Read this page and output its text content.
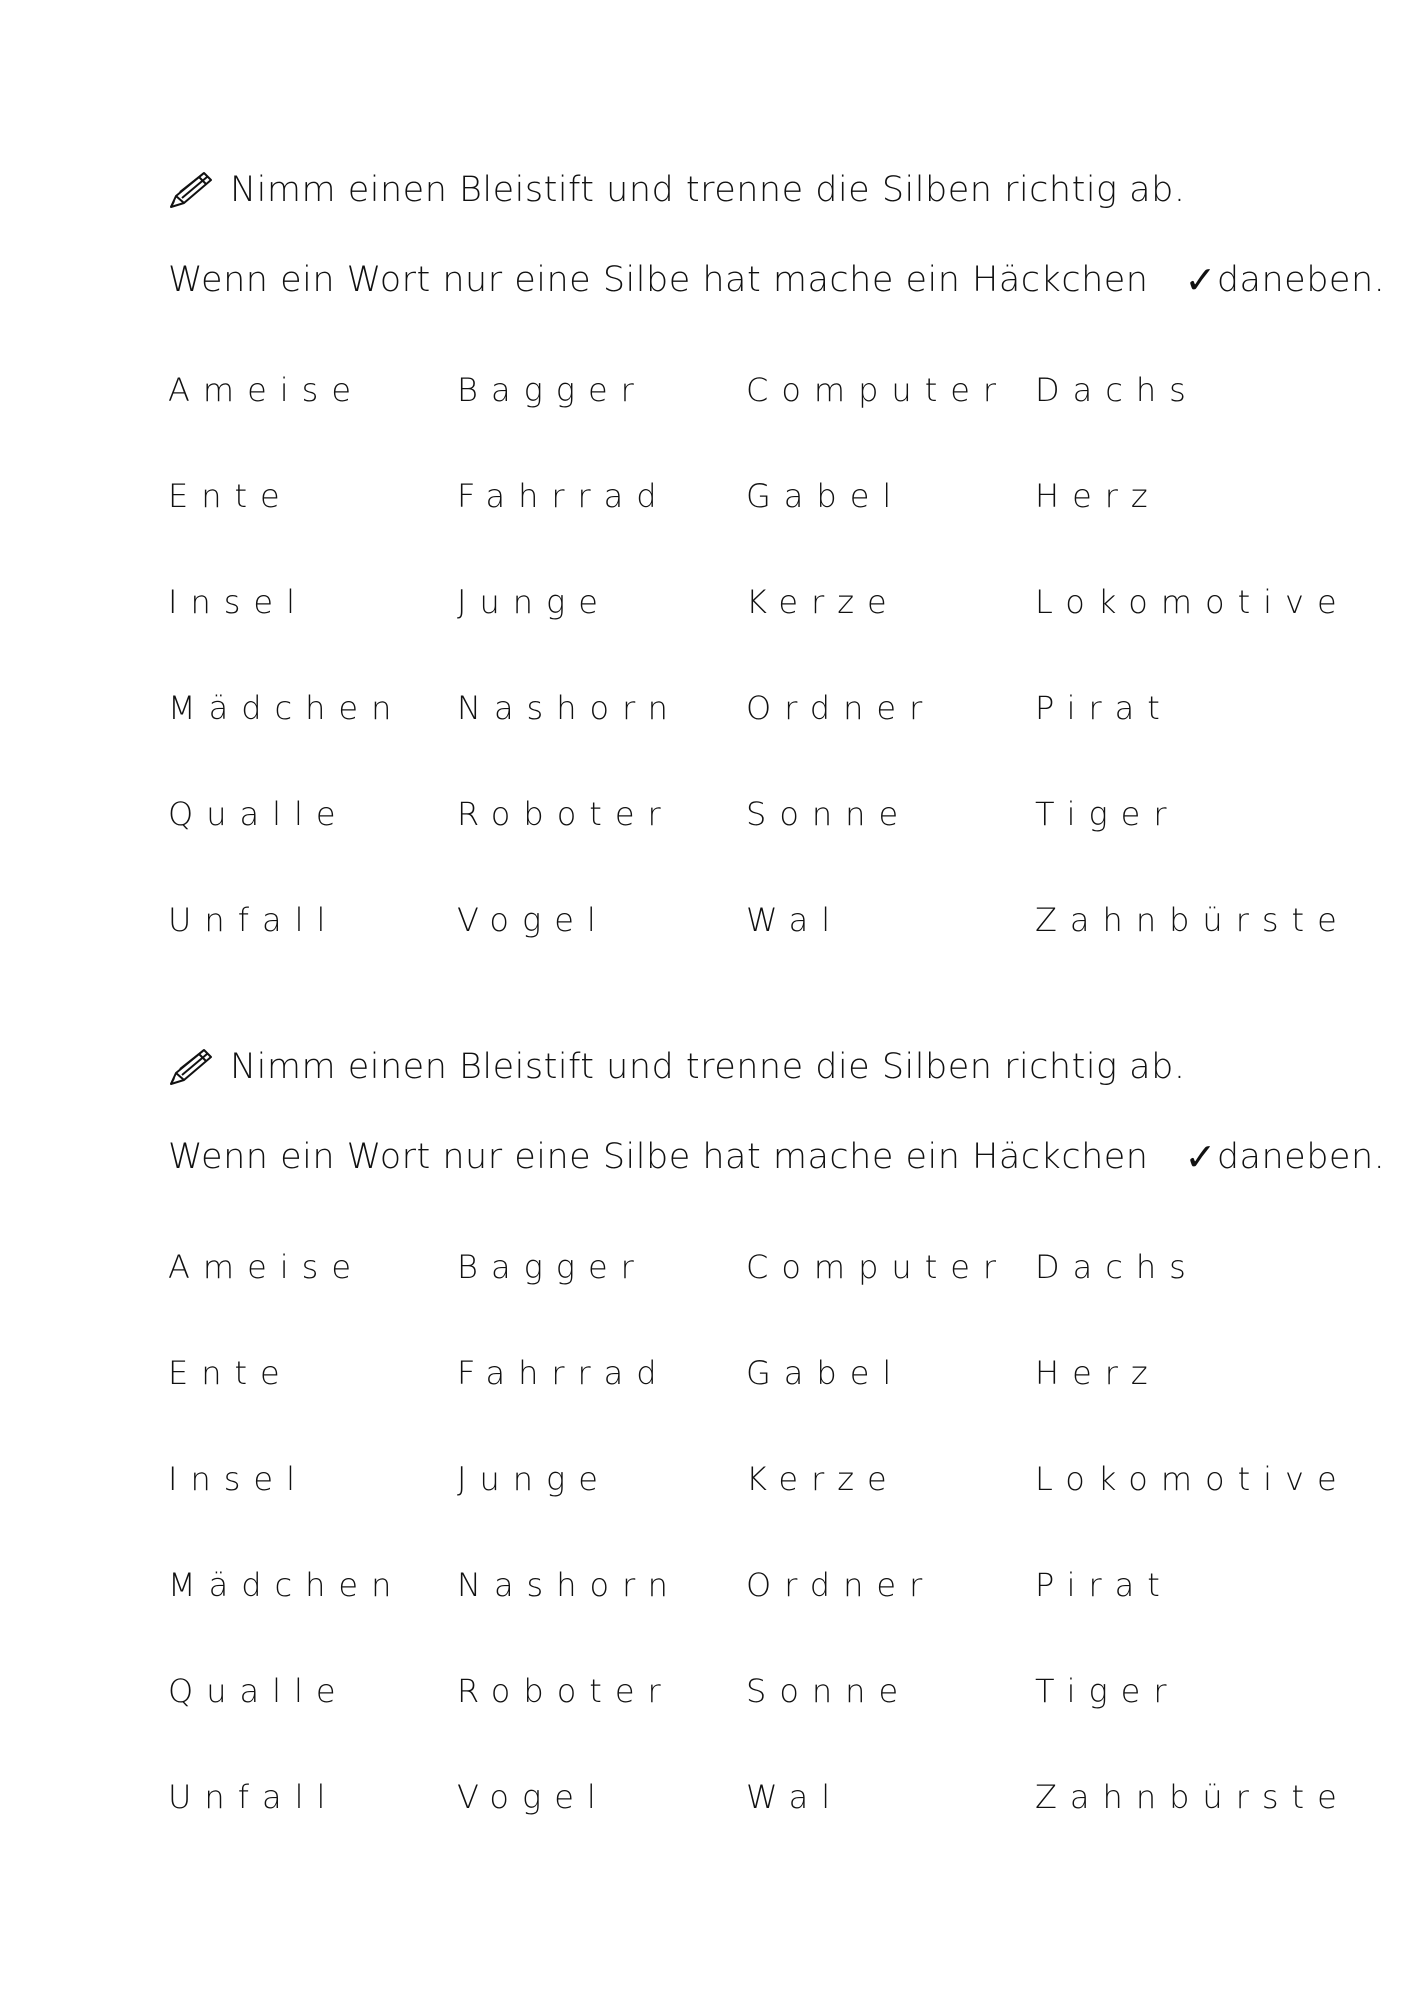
Nimm einen Bleistift und trenne die Silben richtig ab.
Wenn ein Wort nur eine Silbe hat mache ein Häckchen ✓ daneben.
Ameise	Bagger	Computer Dachs
Ente	Fahrrad	Gabel	Herz
Insel	Junge	Kerze	Lokomotive
Mädchen	Nashorn	Ordner	Pirat
Qualle	Roboter	Sonne	Tiger
Unfall	Vogel	Wal	Zahnbürste
Nimm einen Bleistift und trenne die Silben richtig ab.
Wenn ein Wort nur eine Silbe hat mache ein Häckchen ✓ daneben.
Ameise	Bagger	Computer Dachs
Ente	Fahrrad	Gabel	Herz
Insel	Junge	Kerze	Lokomotive
Mädchen	Nashorn	Ordner	Pirat
Qualle	Roboter	Sonne	Tiger
Unfall	Vogel	Wal	Zahnbürste
